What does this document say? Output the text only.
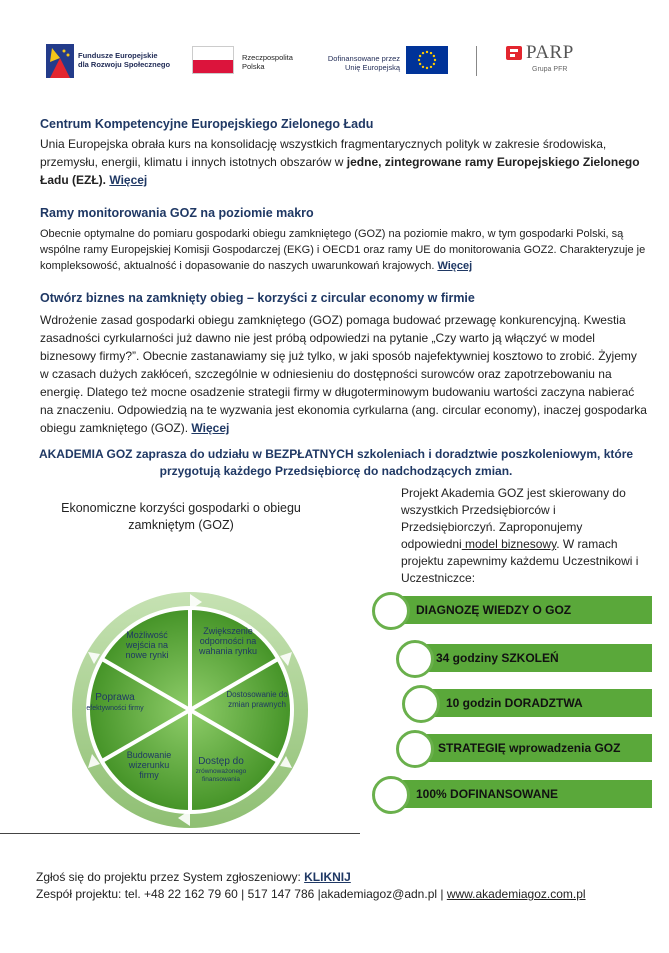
Fundusze Europejskie
dla Rozwoju Społecznego
Rzeczpospolita
Polska
Dofinansowane przez
Unię Europejską
PARP
Grupa PFR
Centrum Kompetencyjne Europejskiego Zielonego Ładu

Unia Europejska obrała kurs na konsolidację wszystkich fragmentarycznych polityk w zakresie środowiska, przemysłu, energii, klimatu i innych istotnych obszarów w jedne, zintegrowane ramy Europejskiego Zielonego Ładu (EZŁ). Więcej

Ramy monitorowania GOZ na poziomie makro

Obecnie optymalne do pomiaru gospodarki obiegu zamkniętego (GOZ) na poziomie makro, w tym gospodarki Polski, są wspólne ramy Europejskiej Komisji Gospodarczej (EKG) i OECD1 oraz ramy UE do monitorowania GOZ2. Charakteryzuje je kompleksowość, aktualność i dopasowanie do naszych uwarunkowań krajowych. Więcej

Otwórz biznes na zamknięty obieg – korzyści z circular economy w firmie

Wdrożenie zasad gospodarki obiegu zamkniętego (GOZ) pomaga budować przewagę konkurencyjną. Kwestia zasadności cyrkularności już dawno nie jest próbą odpowiedzi na pytanie „Czy warto ją włączyć w model biznesowy firmy?”. Obecnie zastanawiamy się już tylko, w jaki sposób najefektywniej kosztowo to zrobić. Żyjemy w czasach dużych zakłóceń, szczególnie w odniesieniu do dostępności surowców oraz zapotrzebowaniu na energię. Dlatego też mocne osadzenie strategii firmy w długoterminowym budowaniu wartości zaczyna nabierać na znaczeniu. Odpowiedzią na te wyzwania jest ekonomia cyrkularna (ang. circular economy), inaczej gospodarka obiegu zamkniętego (GOZ). Więcej

AKADEMIA GOZ zaprasza do udziału w BEZPŁATNYCH szkoleniach i doradztwie poszkoleniowym, które przygotują każdego Przedsiębiorcę do nadchodzących zmian.
Ekonomiczne korzyści gospodarki o obiegu zamkniętym (GOZ)
Możliwość wejścia na nowe rynki
Zwiększenie odporności na wahania rynku
Dostosowanie do zmian prawnych
Dostęp do
zrównoważonego finansowania
Budowanie wizerunku firmy
Poprawa
efektywności firmy
Projekt Akademia GOZ jest skierowany do wszystkich Przedsiębiorców i Przedsiębiorczyń. Zaproponujemy odpowiedni model biznesowy. W ramach projektu zapewnimy każdemu Uczestnikowi i Uczestniczce:
DIAGNOZĘ WIEDZY O GOZ
34 godziny SZKOLEŃ
10 godzin DORADZTWA
STRATEGIĘ wprowadzenia GOZ
100% DOFINANSOWANE
Zgłoś się do projektu przez System zgłoszeniowy: KLIKNIJ
Zespół projektu: tel. +48 22 162 79 60 | 517 147 786 |akademiagoz@adn.pl | www.akademiagoz.com.pl
